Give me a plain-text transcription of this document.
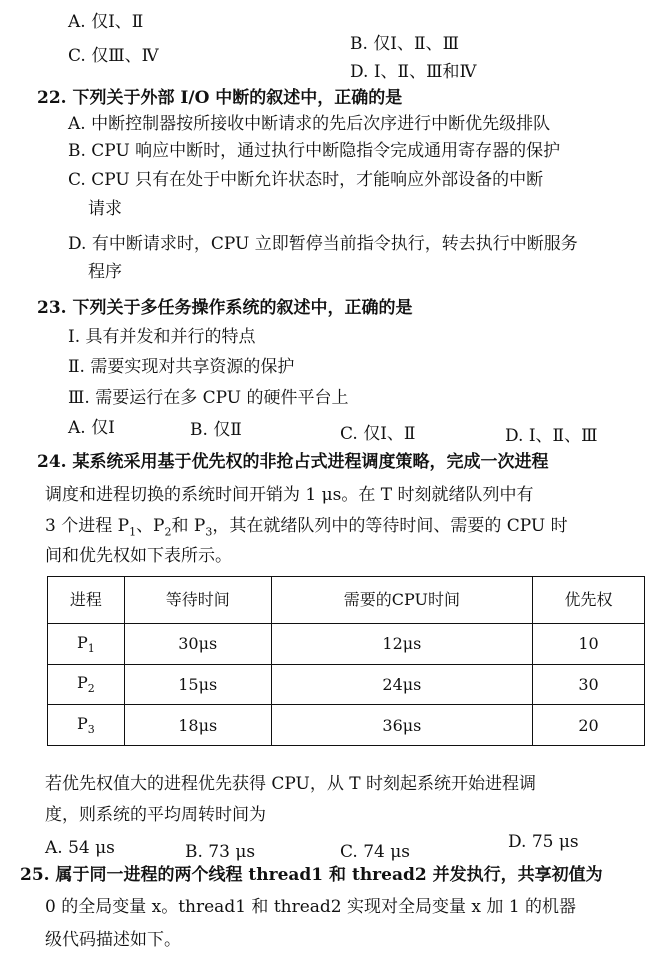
A. 仅Ⅰ、Ⅱ
B. 仅Ⅰ、Ⅱ、Ⅲ
C. 仅Ⅲ、Ⅳ
D. Ⅰ、Ⅱ、Ⅲ和Ⅳ
22. 下列关于外部 I/O 中断的叙述中，正确的是
A. 中断控制器按所接收中断请求的先后次序进行中断优先级排队
B. CPU 响应中断时，通过执行中断隐指令完成通用寄存器的保护
C. CPU 只有在处于中断允许状态时，才能响应外部设备的中断
请求
D. 有中断请求时，CPU 立即暂停当前指令执行，转去执行中断服务
程序
23. 下列关于多任务操作系统的叙述中，正确的是
Ⅰ. 具有并发和并行的特点
Ⅱ. 需要实现对共享资源的保护
Ⅲ. 需要运行在多 CPU 的硬件平台上
A. 仅Ⅰ	B. 仅Ⅱ	C. 仅Ⅰ、Ⅱ	D. Ⅰ、Ⅱ、Ⅲ
24. 某系统采用基于优先权的非抢占式进程调度策略，完成一次进程
调度和进程切换的系统时间开销为 1 μs。在 T 时刻就绪队列中有
3 个进程 $P_1$、$P_2$和 $P_3$，其在就绪队列中的等待时间、需要的 CPU 时
间和优先权如下表所示。
进程	等待时间	需要的CPU时间	优先权
$P_1$	30μs	12μs	10
$P_2$	15μs	24μs	30
$P_3$	18μs	36μs	20
若优先权值大的进程优先获得 CPU，从 T 时刻起系统开始进程调
度，则系统的平均周转时间为
A. 54 μs	B. 73 μs	C. 74 μs	D. 75 μs
25. 属于同一进程的两个线程 thread1 和 thread2 并发执行，共享初值为
0 的全局变量 x。thread1 和 thread2 实现对全局变量 x 加 1 的机器
级代码描述如下。
